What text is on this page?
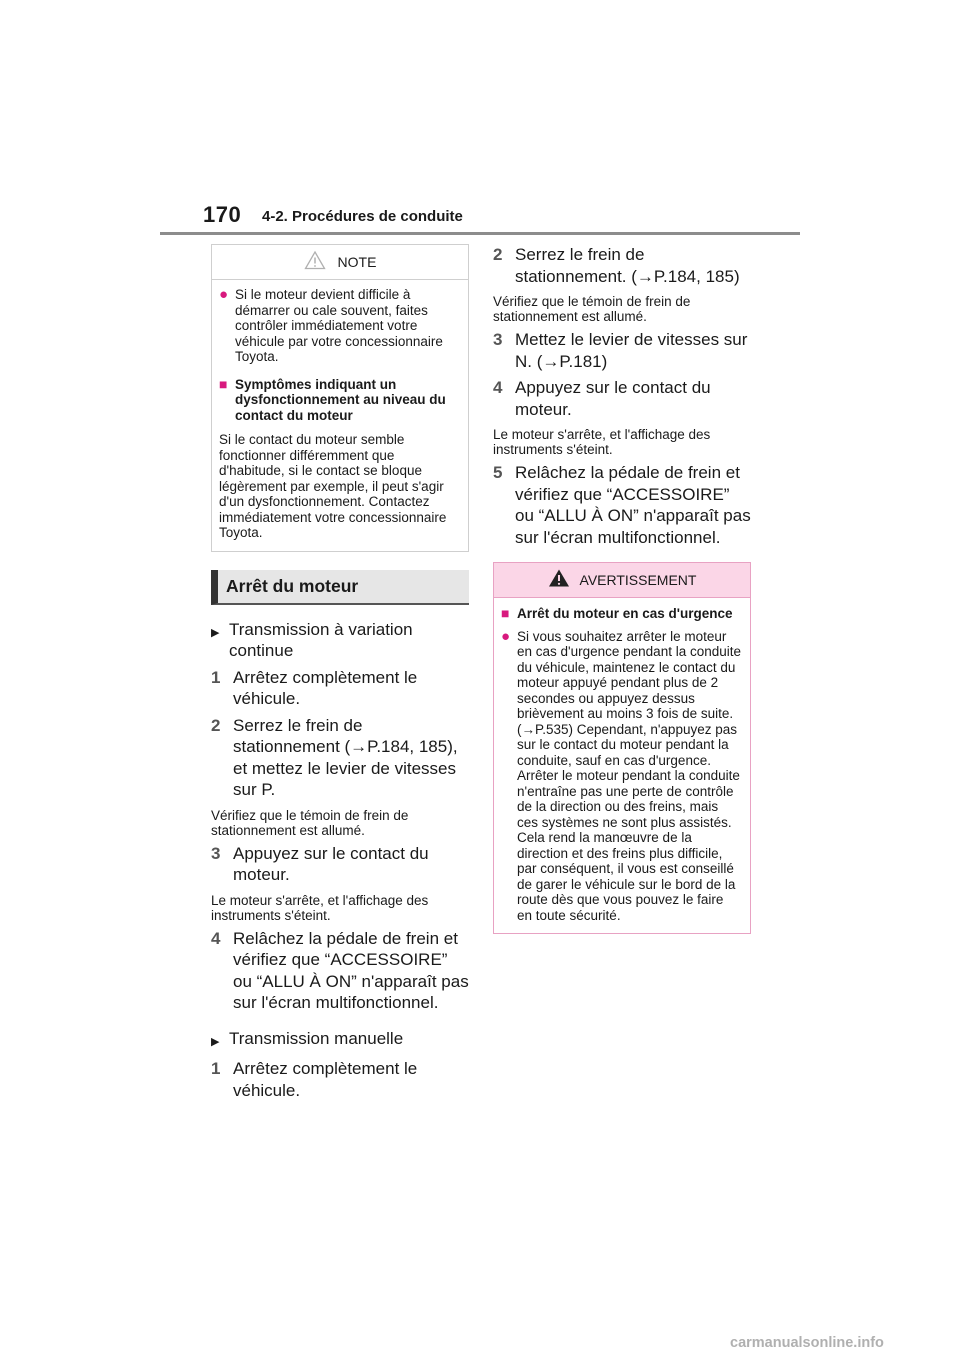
170 4-2. Procédures de conduite
NOTE
● Si le moteur devient difficile à démarrer ou cale souvent, faites contrôler immédiatement votre véhicule par votre concessionnaire Toyota.
■ Symptômes indiquant un dysfonctionnement au niveau du contact du moteur
Si le contact du moteur semble fonctionner différemment que d'habitude, si le contact se bloque légèrement par exemple, il peut s'agir d'un dysfonctionnement. Contactez immédiatement votre concessionnaire Toyota.
Arrêt du moteur
▶ Transmission à variation continue
1 Arrêtez complètement le véhicule.
2 Serrez le frein de stationnement (→P.184, 185), et mettez le levier de vitesses sur P.
Vérifiez que le témoin de frein de stationnement est allumé.
3 Appuyez sur le contact du moteur.
Le moteur s'arrête, et l'affichage des instruments s'éteint.
4 Relâchez la pédale de frein et vérifiez que “ACCESSOIRE” ou “ALLU À ON” n'apparaît pas sur l'écran multifonctionnel.
▶ Transmission manuelle
1 Arrêtez complètement le véhicule.
2 Serrez le frein de stationnement. (→P.184, 185)
Vérifiez que le témoin de frein de stationnement est allumé.
3 Mettez le levier de vitesses sur N. (→P.181)
4 Appuyez sur le contact du moteur.
Le moteur s'arrête, et l'affichage des instruments s'éteint.
5 Relâchez la pédale de frein et vérifiez que “ACCESSOIRE” ou “ALLU À ON” n'apparaît pas sur l'écran multifonctionnel.
AVERTISSEMENT
■ Arrêt du moteur en cas d'urgence
● Si vous souhaitez arrêter le moteur en cas d'urgence pendant la conduite du véhicule, maintenez le contact du moteur appuyé pendant plus de 2 secondes ou appuyez dessus brièvement au moins 3 fois de suite. (→P.535) Cependant, n'appuyez pas sur le contact du moteur pendant la conduite, sauf en cas d'urgence. Arrêter le moteur pendant la conduite n'entraîne pas une perte de contrôle de la direction ou des freins, mais ces systèmes ne sont plus assistés. Cela rend la manœuvre de la direction et des freins plus difficile, par conséquent, il vous est conseillé de garer le véhicule sur le bord de la route dès que vous pouvez le faire en toute sécurité.
carmanualsonline.info
